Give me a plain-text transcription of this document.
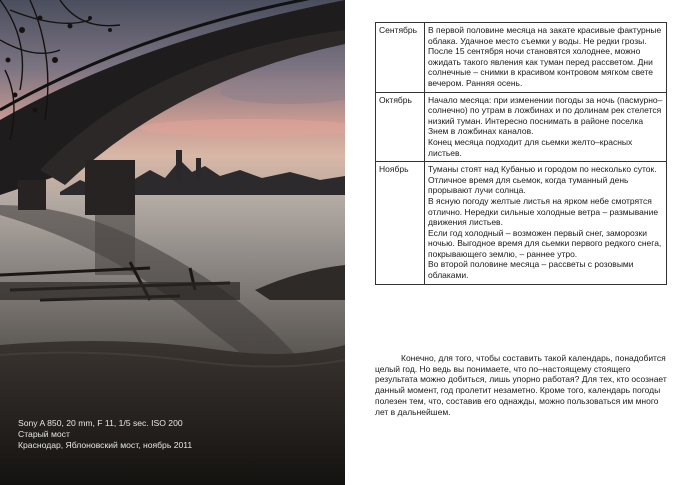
Sony A 850, 20 mm, F 11, 1/5 sec. ISO 200
Старый мост
Краснодар, Яблоновский мост, ноябрь 2011
Сентябрь	В первой половине месяца на закате красивые фактурные облака. Удачное место съемки у воды. Не редки грозы. После 15 сентября ночи становятся холоднее, можно ожидать такого явления как туман перед рассветом. Дни солнечные – снимки в красивом контровом мягком свете вечером. Ранняя осень.

Октябрь	Начало месяца: при изменении погоды за ночь (пасмурно–солнечно) по утрам в ложбинах и по долинам рек стелется низкий туман. Интересно поснимать в районе поселка Знем в ложбинах каналов.
Конец месяца подходит для сьемки желто–красных листьев.

Ноябрь	Туманы стоят над Кубанью и городом по несколько суток. Отличное время для сьемок, когда туманный день прорывают лучи солнца.
В ясную погоду желтые листья на ярком небе смотрятся отлично. Нередки сильные холодные ветра – размывание движения листьев.
Если год холодный – возможен первый снег, заморозки ночью. Выгодное время для сьемки первого редкого снега, покрывающего землю, – раннее утро.
Во второй половине месяца – рассветы с розовыми облаками.

Конечно, для того, чтобы составить такой календарь, понадобится целый год. Но ведь вы понимаете, что по–настоящему стоящего результата можно добиться, лишь упорно работая? Для тех, кто осознает данный момент, год пролетит незаметно. Кроме того, календарь погоды полезен тем, что, составив его однажды, можно пользоваться им много лет в дальнейшем.
